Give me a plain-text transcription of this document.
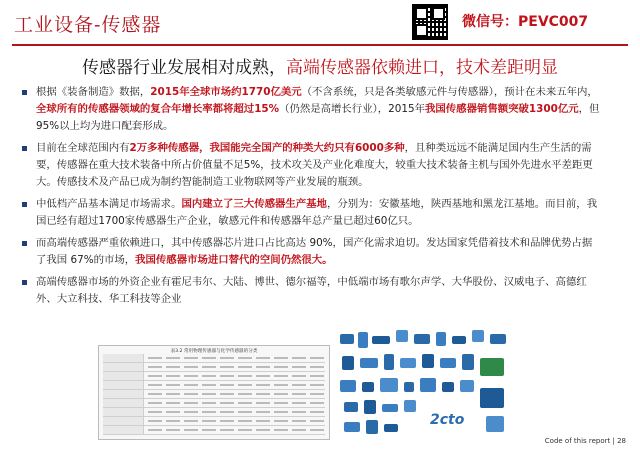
工业设备-传感器	微信号：PEVC007
传感器行业发展相对成熟，高端传感器依赖进口，技术差距明显
根据《装备制造》数据，2015年全球市场约1770亿美元（不含系统，只是各类敏感元件与传感器），预计在未来五年内，全球所有的传感器领域的复合年增长率都将超过15%（仍然是高增长行业），2015年我国传感器销售额突破1300亿元，但95%以上均为进口配套形成。
目前在全球范围内有2万多种传感器，我国能完全国产的种类大约只有6000多种，且种类远远不能满足国内生产生活的需要，传感器在重大技术装备中所占价值量不足5%，技术攻关及产业化难度大，较重大技术装备主机与国外先进水平差距更大。传感技术及产品已成为制约智能制造工业物联网等产业发展的瓶颈。
中低档产品基本满足市场需求。国内建立了三大传感器生产基地，分别为：安徽基地，陕西基地和黑龙江基地。而目前，我国已经有超过1700家传感器生产企业，敏感元件和传感器年总产量已超过60亿只。
而高端传感器严重依赖进口，其中传感器芯片进口占比高达 90%，国产化需求迫切。发达国家凭借着技术和品牌优势占据了我国 67%的市场，我国传感器市场进口替代的空间仍然很大。
高端传感器市场的外资企业有霍尼韦尔、大陆、博世、德尔福等，中低端市场有歌尔声学、大华股份、汉威电子、高德红外、大立科技、华工科技等企业
表3.2 常用物理传感器与化学传感器的分类
2cto
Code of this report | 28
